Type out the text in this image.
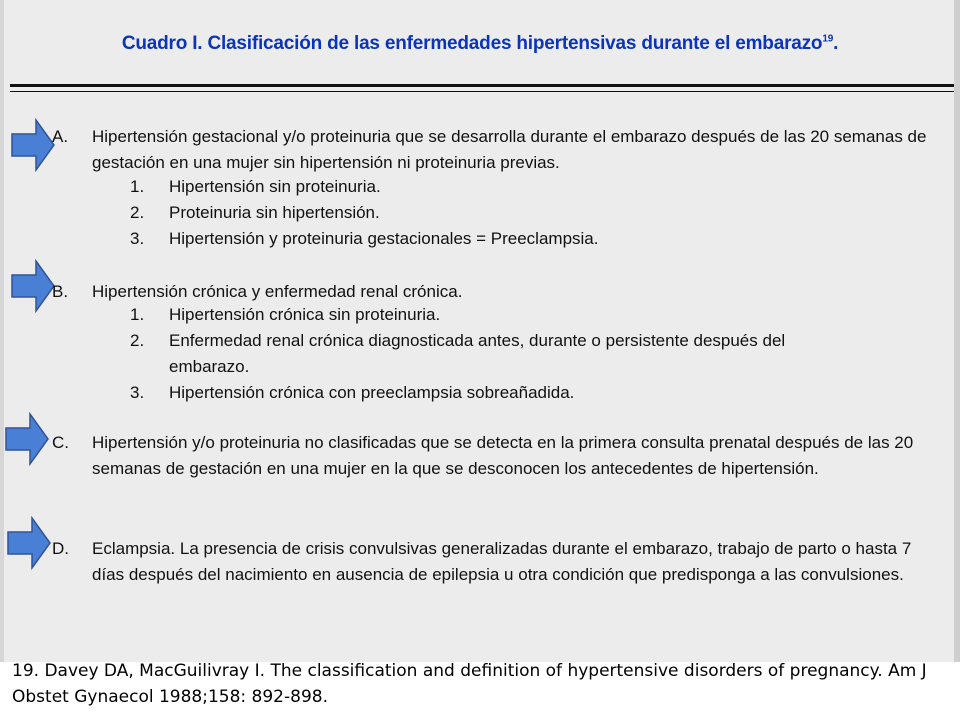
Cuadro I. Clasificación de las enfermedades hipertensivas durante el embarazo$^{19}$.
A. Hipertensión gestacional y/o proteinuria que se desarrolla durante el embarazo después de las 20 semanas de gestación en una mujer sin hipertensión ni proteinuria previas.

1. Hipertensión sin proteinuria.
2. Proteinuria sin hipertensión.
3. Hipertensión y proteinuria gestacionales = Preeclampsia.
B. Hipertensión crónica y enfermedad renal crónica.

1. Hipertensión crónica sin proteinuria.
2. Enfermedad renal crónica diagnosticada antes, durante o persistente después del embarazo.
3. Hipertensión crónica con preeclampsia sobreañadida.
C. Hipertensión y/o proteinuria no clasificadas que se detecta en la primera consulta prenatal después de las 20 semanas de gestación en una mujer en la que se desconocen los antecedentes de hipertensión.

D. Eclampsia. La presencia de crisis convulsivas generalizadas durante el embarazo, trabajo de parto o hasta 7 días después del nacimiento en ausencia de epilepsia u otra condición que predisponga a las convulsiones.

19. Davey DA, MacGuilivray I. The classification and definition of hypertensive disorders of pregnancy. Am J Obstet Gynaecol 1988;158: 892-898.
